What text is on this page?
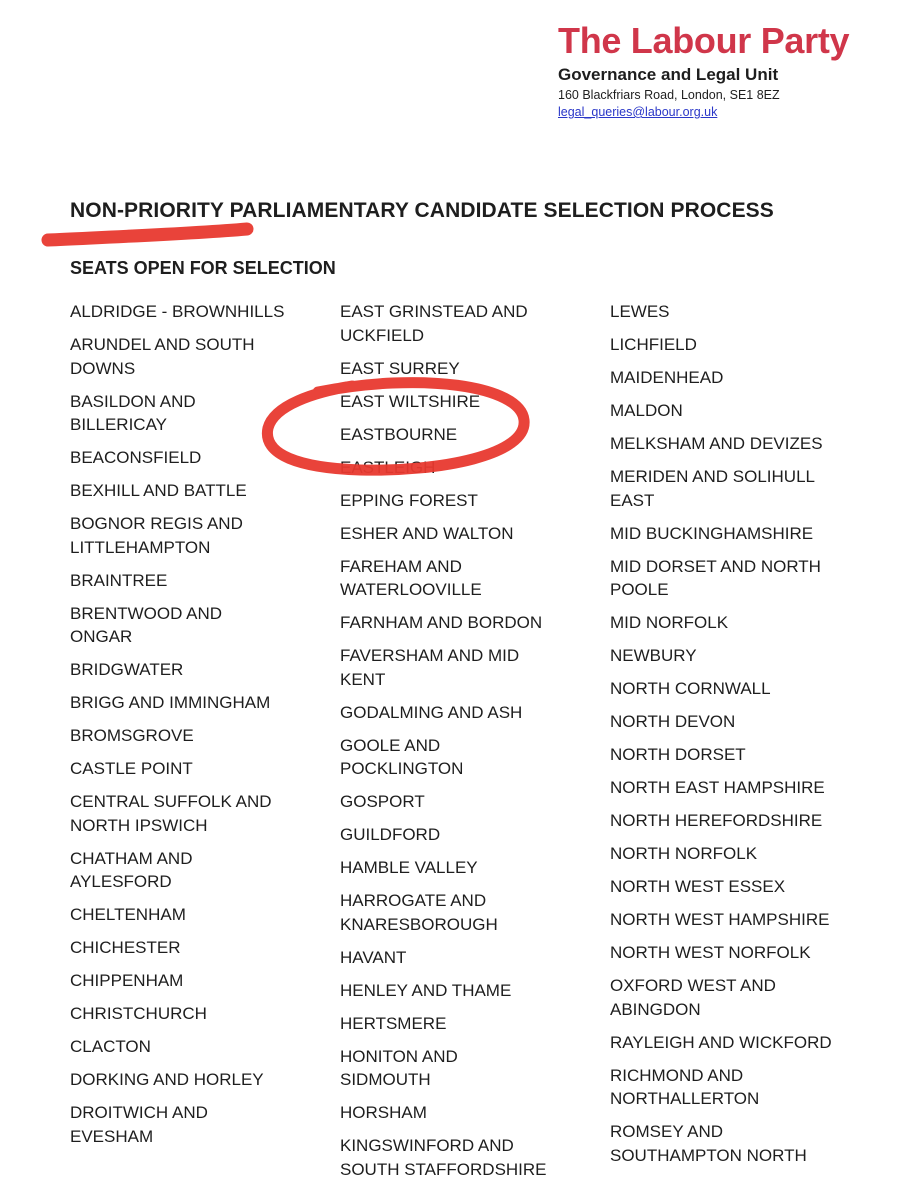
The Labour Party
Governance and Legal Unit
160 Blackfriars Road, London, SE1 8EZ
legal_queries@labour.org.uk
NON-PRIORITY PARLIAMENTARY CANDIDATE SELECTION PROCESS
SEATS OPEN FOR SELECTION
ALDRIDGE - BROWNHILLS
ARUNDEL AND SOUTH
DOWNS
BASILDON AND
BILLERICAY
BEACONSFIELD
BEXHILL AND BATTLE
BOGNOR REGIS AND
LITTLEHAMPTON
BRAINTREE
BRENTWOOD AND
ONGAR
BRIDGWATER
BRIGG AND IMMINGHAM
BROMSGROVE
CASTLE POINT
CENTRAL SUFFOLK AND
NORTH IPSWICH
CHATHAM AND
AYLESFORD
CHELTENHAM
CHICHESTER
CHIPPENHAM
CHRISTCHURCH
CLACTON
DORKING AND HORLEY
DROITWICH AND
EVESHAM
EAST GRINSTEAD AND
UCKFIELD
EAST SURREY
EAST WILTSHIRE
EASTBOURNE
EASTLEIGH
EPPING FOREST
ESHER AND WALTON
FAREHAM AND
WATERLOOVILLE
FARNHAM AND BORDON
FAVERSHAM AND MID
KENT
GODALMING AND ASH
GOOLE AND
POCKLINGTON
GOSPORT
GUILDFORD
HAMBLE VALLEY
HARROGATE AND
KNARESBOROUGH
HAVANT
HENLEY AND THAME
HERTSMERE
HONITON AND
SIDMOUTH
HORSHAM
KINGSWINFORD AND
SOUTH STAFFORDSHIRE
LEWES
LICHFIELD
MAIDENHEAD
MALDON
MELKSHAM AND DEVIZES
MERIDEN AND SOLIHULL
EAST
MID BUCKINGHAMSHIRE
MID DORSET AND NORTH
POOLE
MID NORFOLK
NEWBURY
NORTH CORNWALL
NORTH DEVON
NORTH DORSET
NORTH EAST HAMPSHIRE
NORTH HEREFORDSHIRE
NORTH NORFOLK
NORTH WEST ESSEX
NORTH WEST HAMPSHIRE
NORTH WEST NORFOLK
OXFORD WEST AND
ABINGDON
RAYLEIGH AND WICKFORD
RICHMOND AND
NORTHALLERTON
ROMSEY AND
SOUTHAMPTON NORTH
